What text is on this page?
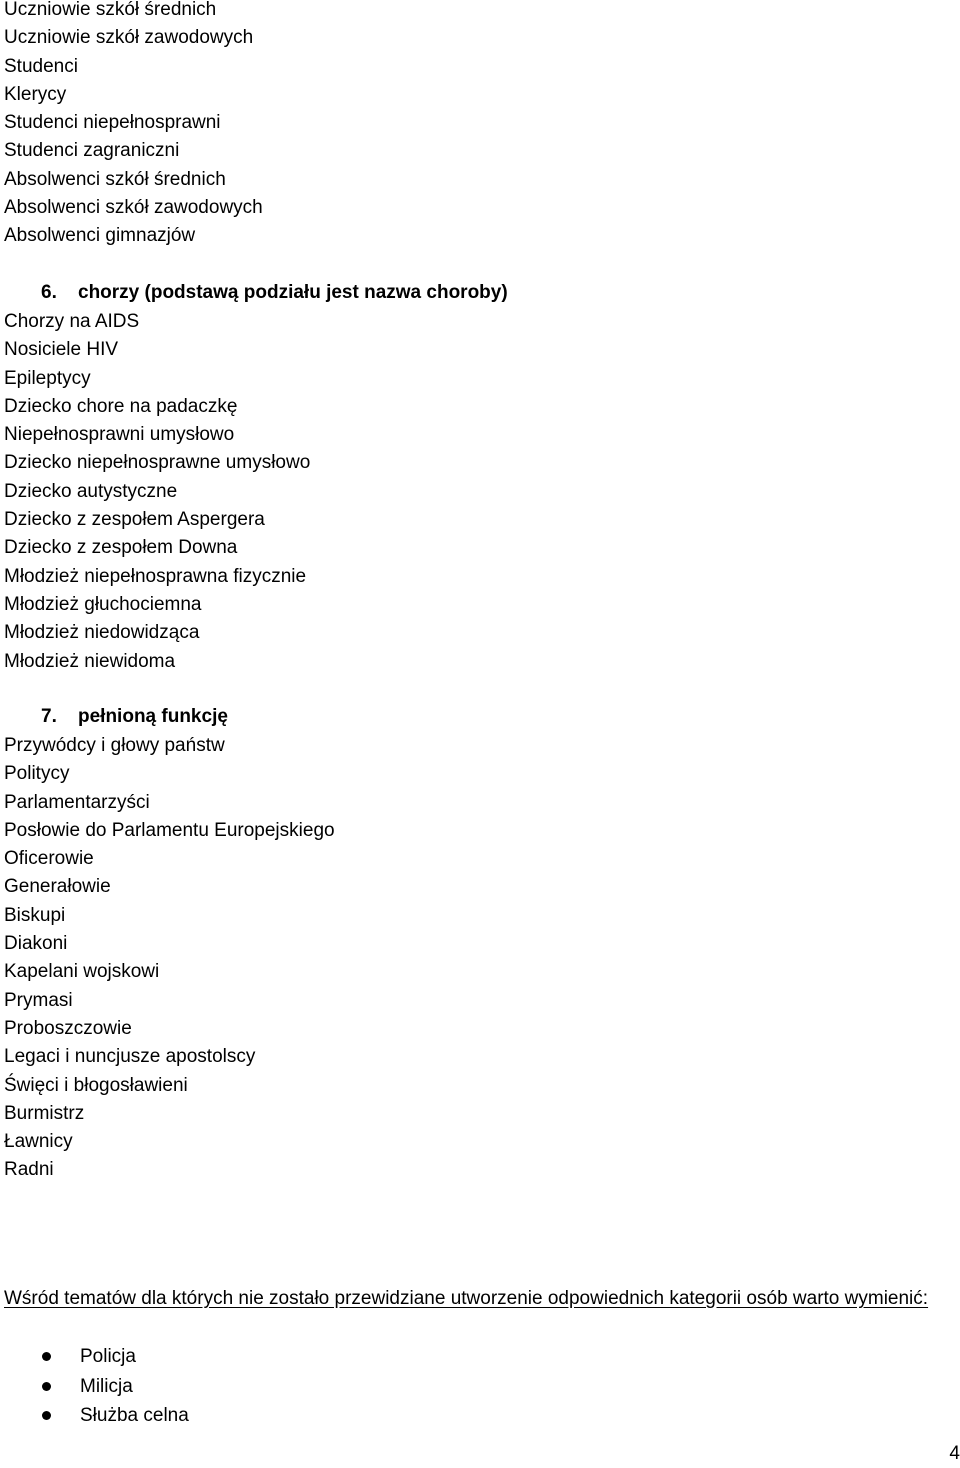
Uczniowie szkół średnich
Uczniowie szkół zawodowych
Studenci
Klerycy
Studenci niepełnosprawni
Studenci zagraniczni
Absolwenci szkół średnich
Absolwenci szkół zawodowych
Absolwenci gimnazjów
6. chorzy (podstawą podziału jest nazwa choroby)
Chorzy na AIDS
Nosiciele HIV
Epileptycy
Dziecko chore na padaczkę
Niepełnosprawni umysłowo
Dziecko niepełnosprawne umysłowo
Dziecko autystyczne
Dziecko z zespołem Aspergera
Dziecko z zespołem Downa
Młodzież niepełnosprawna fizycznie
Młodzież głuchociemna
Młodzież niedowidząca
Młodzież niewidoma
7. pełnioną funkcję
Przywódcy i głowy państw
Politycy
Parlamentarzyści
Posłowie do Parlamentu Europejskiego
Oficerowie
Generałowie
Biskupi
Diakoni
Kapelani wojskowi
Prymasi
Proboszczowie
Legaci i nuncjusze apostolscy
Święci i błogosławieni
Burmistrz
Ławnicy
Radni
Wśród tematów dla których nie zostało przewidziane utworzenie odpowiednich kategorii osób warto wymienić:
Policja
Milicja
Służba celna
4
